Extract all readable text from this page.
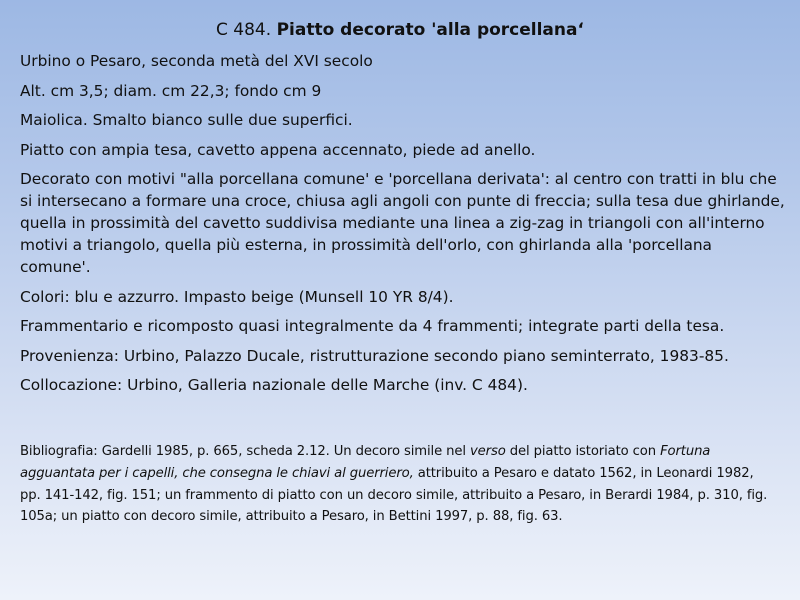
C 484. Piatto decorato 'alla porcellana‘
Urbino o Pesaro, seconda metà del XVI secolo
Alt. cm 3,5; diam. cm 22,3; fondo cm 9
Maiolica. Smalto bianco sulle due superfici.
Piatto con ampia tesa, cavetto appena accennato, piede ad anello.
Decorato con motivi "alla porcellana comune' e 'porcellana derivata': al centro con tratti in blu che si intersecano a formare una croce, chiusa agli angoli con punte di freccia; sulla tesa due ghirlande, quella in prossimità del cavetto suddivisa mediante una linea a zig-zag in triangoli con all'interno motivi a triangolo, quella più esterna, in prossimità dell'orlo, con ghirlanda alla 'porcellana comune'.
Colori: blu e azzurro. Impasto beige (Munsell 10 YR 8/4).
Frammentario e ricomposto quasi integralmente da 4 frammenti; integrate parti della tesa.
Provenienza: Urbino, Palazzo Ducale, ristrutturazione secondo piano seminterrato, 1983-85.
Collocazione: Urbino, Galleria nazionale delle Marche (inv. C 484).
Bibliografia: Gardelli 1985, p. 665, scheda 2.12. Un decoro simile nel verso del piatto istoriato con Fortuna agguantata per i capelli, che consegna le chiavi al guerriero, attribuito a Pesaro e datato 1562, in Leonardi 1982, pp. 141-142, fig. 151; un frammento di piatto con un decoro simile, attribuito a Pesaro, in Berardi 1984, p. 310, fig. 105a; un piatto con decoro simile, attribuito a Pesaro, in Bettini 1997, p. 88, fig. 63.
